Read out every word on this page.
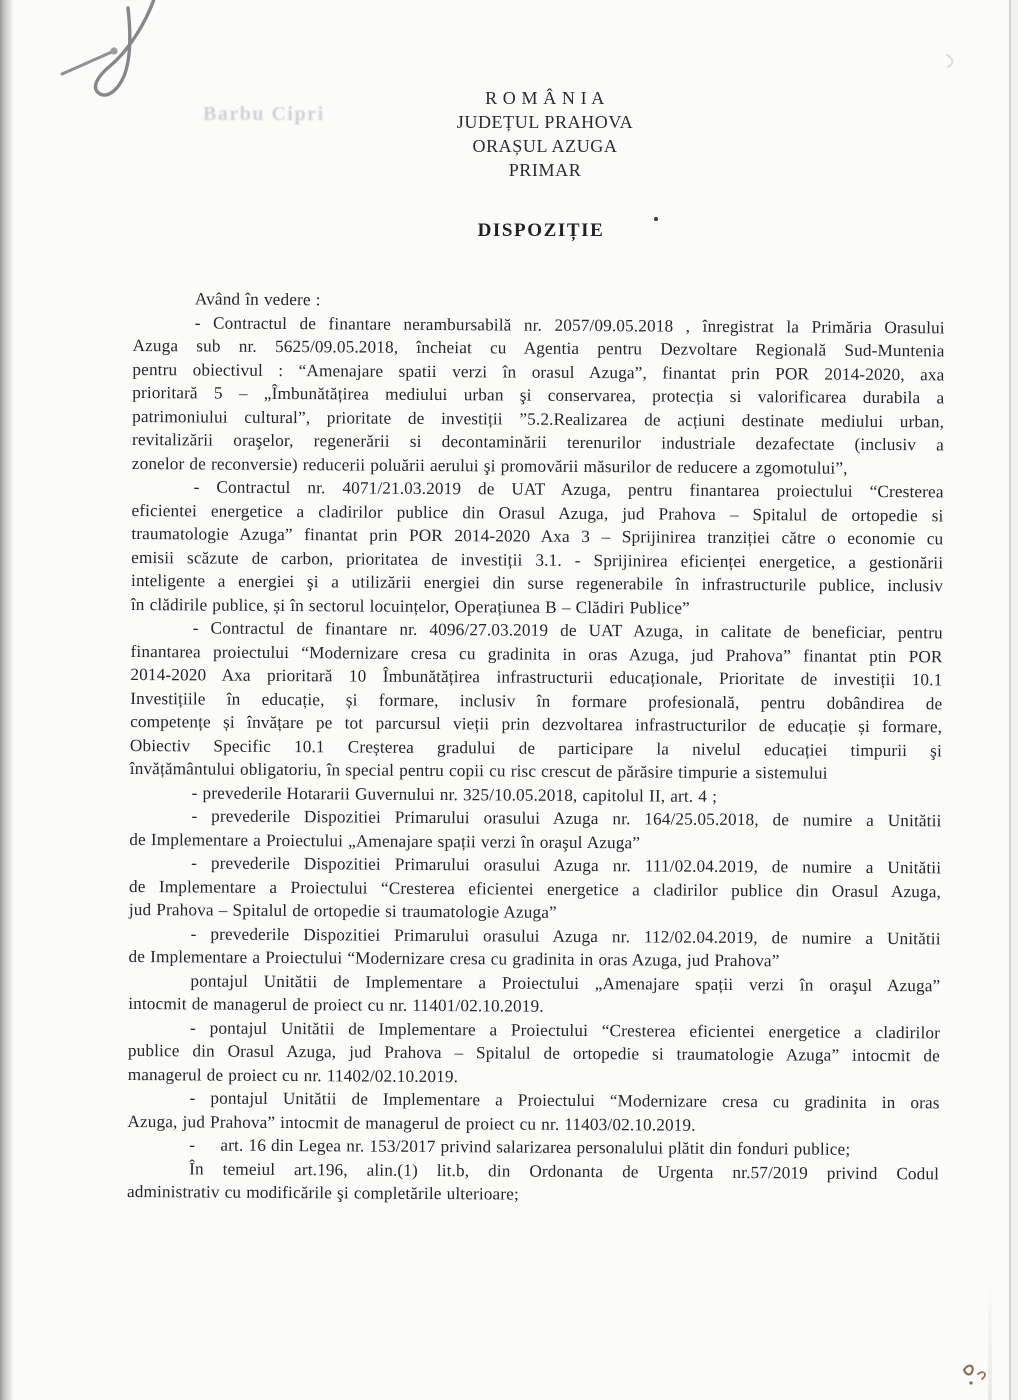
Barbu Cipri
R O M Â N I A
JUDEȚUL PRAHOVA
ORAȘUL AZUGA
PRIMAR
DISPOZIȚIE
Având în vedere :
- Contractul de finantare nerambursabilă nr. 2057/09.05.2018 , înregistrat la Primăria Orasului
Azuga sub nr. 5625/09.05.2018, încheiat cu Agentia pentru Dezvoltare Regională Sud-Muntenia
pentru obiectivul : “Amenajare spatii verzi în orasul Azuga”, finantat prin POR 2014-2020, axa
prioritară 5 – „Îmbunătățirea mediului urban şi conservarea, protecția si valorificarea durabila a
patrimoniului cultural”, prioritate de investiții ”5.2.Realizarea de acțiuni destinate mediului urban,
revitalizării oraşelor, regenerării si decontaminării terenurilor industriale dezafectate (inclusiv a
zonelor de reconversie) reducerii poluării aerului şi promovării măsurilor de reducere a zgomotului”,
- Contractul nr. 4071/21.03.2019 de UAT Azuga, pentru finantarea proiectului “Cresterea
eficientei energetice a cladirilor publice din Orasul Azuga, jud Prahova – Spitalul de ortopedie si
traumatologie Azuga” finantat prin POR 2014-2020 Axa 3 – Sprijinirea tranziției către o economie cu
emisii scăzute de carbon, prioritatea de investiții 3.1. - Sprijinirea eficienței energetice, a gestionării
inteligente a energiei şi a utilizării energiei din surse regenerabile în infrastructurile publice, inclusiv
în clădirile publice, și în sectorul locuințelor, Operațiunea B – Clădiri Publice”
- Contractul de finantare nr. 4096/27.03.2019 de UAT Azuga, in calitate de beneficiar, pentru
finantarea proiectului “Modernizare cresa cu gradinita in oras Azuga, jud Prahova” finantat ptin POR
2014-2020 Axa prioritară 10 Îmbunătățirea infrastructurii educaționale, Prioritate de investiții 10.1
Investițiile în educație, și formare, inclusiv în formare profesională, pentru dobândirea de
competențe și învățare pe tot parcursul vieții prin dezvoltarea infrastructurilor de educație și formare,
Obiectiv Specific 10.1 Creșterea gradului de participare la nivelul educației timpurii şi
învățământului obligatoriu, în special pentru copii cu risc crescut de părăsire timpurie a sistemului
- prevederile Hotararii Guvernului nr. 325/10.05.2018, capitolul II, art. 4 ;
- prevederile Dispozitiei Primarului orasului Azuga nr. 164/25.05.2018, de numire a Unitătii
de Implementare a Proiectului „Amenajare spații verzi în oraşul Azuga”
- prevederile Dispozitiei Primarului orasului Azuga nr. 111/02.04.2019, de numire a Unitătii
de Implementare a Proiectului “Cresterea eficientei energetice a cladirilor publice din Orasul Azuga,
jud Prahova – Spitalul de ortopedie si traumatologie Azuga”
- prevederile Dispozitiei Primarului orasului Azuga nr. 112/02.04.2019, de numire a Unitătii
de Implementare a Proiectului “Modernizare cresa cu gradinita in oras Azuga, jud Prahova”
pontajul Unitătii de Implementare a Proiectului „Amenajare spații verzi în oraşul Azuga”
intocmit de managerul de proiect cu nr. 11401/02.10.2019.
- pontajul Unitătii de Implementare a Proiectului “Cresterea eficientei energetice a cladirilor
publice din Orasul Azuga, jud Prahova – Spitalul de ortopedie si traumatologie Azuga” intocmit de
managerul de proiect cu nr. 11402/02.10.2019.
- pontajul Unitătii de Implementare a Proiectului “Modernizare cresa cu gradinita in oras
Azuga, jud Prahova” intocmit de managerul de proiect cu nr. 11403/02.10.2019.
-     art. 16 din Legea nr. 153/2017 privind salarizarea personalului plătit din fonduri publice;
În temeiul art.196, alin.(1) lit.b, din Ordonanta de Urgenta nr.57/2019 privind Codul
administrativ cu modificările şi completările ulterioare;
